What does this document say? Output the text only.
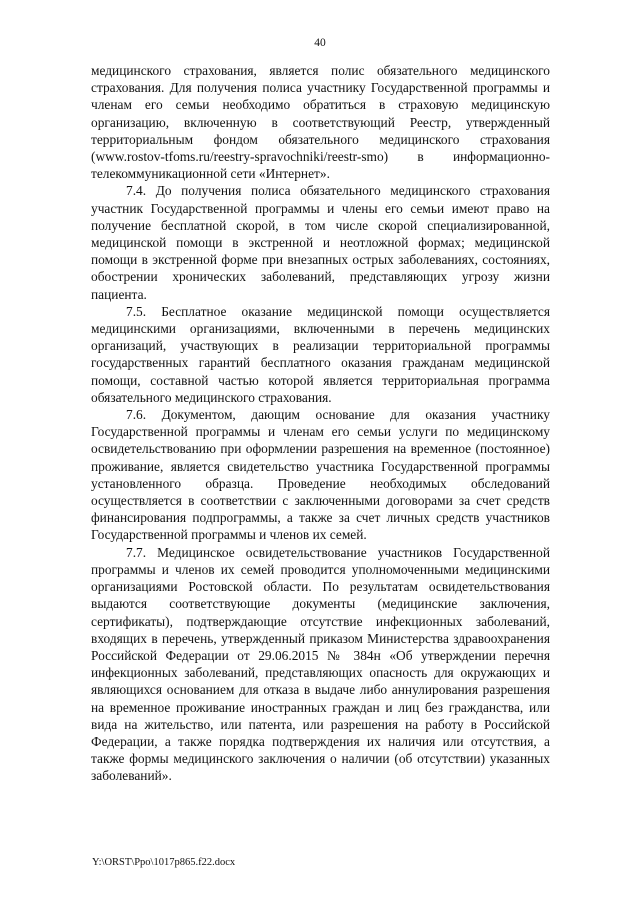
40

медицинского страхования, является полис обязательного медицинского страхования. Для получения полиса участнику Государственной программы и членам его семьи необходимо обратиться в страховую медицинскую организацию, включенную в соответствующий Реестр, утвержденный территориальным фондом обязательного медицинского страхования (www.rostov-tfoms.ru/reestry-spravochniki/reestr-smo) в информационно-телекоммуникационной сети «Интернет».

7.4. До получения полиса обязательного медицинского страхования участник Государственной программы и члены его семьи имеют право на получение бесплатной скорой, в том числе скорой специализированной, медицинской помощи в экстренной и неотложной формах; медицинской помощи в экстренной форме при внезапных острых заболеваниях, состояниях, обострении хронических заболеваний, представляющих угрозу жизни пациента.

7.5. Бесплатное оказание медицинской помощи осуществляется медицинскими организациями, включенными в перечень медицинских организаций, участвующих в реализации территориальной программы государственных гарантий бесплатного оказания гражданам медицинской помощи, составной частью которой является территориальная программа обязательного медицинского страхования.

7.6. Документом, дающим основание для оказания участнику Государственной программы и членам его семьи услуги по медицинскому освидетельствованию при оформлении разрешения на временное (постоянное) проживание, является свидетельство участника Государственной программы установленного образца. Проведение необходимых обследований осуществляется в соответствии с заключенными договорами за счет средств финансирования подпрограммы, а также за счет личных средств участников Государственной программы и членов их семей.

7.7. Медицинское освидетельствование участников Государственной программы и членов их семей проводится уполномоченными медицинскими организациями Ростовской области. По результатам освидетельствования выдаются соответствующие документы (медицинские заключения, сертификаты), подтверждающие отсутствие инфекционных заболеваний, входящих в перечень, утвержденный приказом Министерства здравоохранения Российской Федерации от 29.06.2015 № 384н «Об утверждении перечня инфекционных заболеваний, представляющих опасность для окружающих и являющихся основанием для отказа в выдаче либо аннулирования разрешения на временное проживание иностранных граждан и лиц без гражданства, или вида на жительство, или патента, или разрешения на работу в Российской Федерации, а также порядка подтверждения их наличия или отсутствия, а также формы медицинского заключения о наличии (об отсутствии) указанных заболеваний».

Y:\ORST\Ppo\1017p865.f22.docx
